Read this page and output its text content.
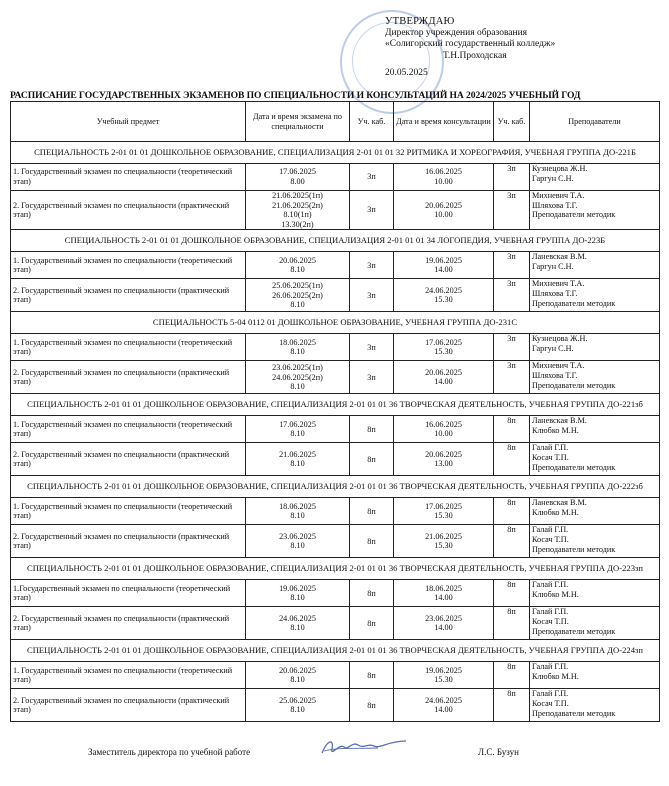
УТВЕРЖДАЮ
Директор учреждения образования
«Солигорский государственный колледж»
Т.Н.Проходская
20.05.2025
РАСПИСАНИЕ ГОСУДАРСТВЕННЫХ ЭКЗАМЕНОВ ПО СПЕЦИАЛЬНОСТИ И КОНСУЛЬТАЦИЙ НА 2024/2025 УЧЕБНЫЙ ГОД
Учебный предмет	Дата и время экзамена по специальности	Уч. каб.	Дата и время консультации	Уч. каб.	Преподаватели
СПЕЦИАЛЬНОСТЬ 2-01 01 01 ДОШКОЛЬНОЕ ОБРАЗОВАНИЕ, СПЕЦИАЛИЗАЦИЯ 2-01 01 01 32 РИТМИКА И ХОРЕОГРАФИЯ, УЧЕБНАЯ ГРУППА ДО-221Б					
1. Государственный экзамен по специальности (теоретический этап)	17.06.2025
8.00	3п	16.06.2025
10.00	3п	Кузнецова Ж.Н.
Гаргун С.Н.
2. Государственный экзамен по специальности (практический этап)	21.06.2025(1п)
21.06.2025(2п)
8.10(1п)
13.30(2п)	3п	20.06.2025
10.00	3п	Михневич Т.А.
Шляхова Т.Г.
Преподаватели методик
СПЕЦИАЛЬНОСТЬ 2-01 01 01 ДОШКОЛЬНОЕ ОБРАЗОВАНИЕ, СПЕЦИАЛИЗАЦИЯ 2-01 01 01 34 ЛОГОПЕДИЯ, УЧЕБНАЯ ГРУППА ДО-223Б					
1. Государственный экзамен по специальности (теоретический этап)	20.06.2025
8.10	3п	19.06.2025
14.00	3п	Ланевская В.М.
Гаргун С.Н.
2. Государственный экзамен по специальности (практический этап)	25.06.2025(1п)
26.06.2025(2п)
8.10	3п	24.06.2025
15.30	3п	Михневич Т.А.
Шляхова Т.Г.
Преподаватели методик
СПЕЦИАЛЬНОСТЬ 5-04 0112 01 ДОШКОЛЬНОЕ ОБРАЗОВАНИЕ, УЧЕБНАЯ ГРУППА ДО-231С					
1. Государственный экзамен по специальности (теоретический этап)	18.06.2025
8.10	3п	17.06.2025
15.30	3п	Кузнецова Ж.Н.
Гаргун С.Н.
2. Государственный экзамен по специальности (практический этап)	23.06.2025(1п)
24.06.2025(2п)
8.10	3п	20.06.2025
14.00	3п	Михневич Т.А.
Шляхова Т.Г.
Преподаватели методик
СПЕЦИАЛЬНОСТЬ 2-01 01 01 ДОШКОЛЬНОЕ ОБРАЗОВАНИЕ, СПЕЦИАЛИЗАЦИЯ 2-01 01 01 36 ТВОРЧЕСКАЯ ДЕЯТЕЛЬНОСТЬ, УЧЕБНАЯ ГРУППА ДО-221зб					
1. Государственный экзамен по специальности (теоретический этап)	17.06.2025
8.10	8п	16.06.2025
10.00	8п	Ланевская В.М.
Клюбко М.Н.
2. Государственный экзамен по специальности (практический этап)	21.06.2025
8.10	8п	20.06.2025
13.00	8п	Галай Г.П.
Косач Т.П.
Преподаватели методик
СПЕЦИАЛЬНОСТЬ 2-01 01 01 ДОШКОЛЬНОЕ ОБРАЗОВАНИЕ, СПЕЦИАЛИЗАЦИЯ 2-01 01 01 36 ТВОРЧЕСКАЯ ДЕЯТЕЛЬНОСТЬ, УЧЕБНАЯ ГРУППА ДО-222зб					
1. Государственный экзамен по специальности (теоретический этап)	18.06.2025
8.10	8п	17.06.2025
15.30	8п	Ланевская В.М.
Клюбко М.Н.
2. Государственный экзамен по специальности (практический этап)	23.06.2025
8.10	8п	21.06.2025
15.30	8п	Галай Г.П.
Косач Т.П.
Преподаватели методик
СПЕЦИАЛЬНОСТЬ 2-01 01 01 ДОШКОЛЬНОЕ ОБРАЗОВАНИЕ, СПЕЦИАЛИЗАЦИЯ 2-01 01 01 36 ТВОРЧЕСКАЯ ДЕЯТЕЛЬНОСТЬ, УЧЕБНАЯ ГРУППА ДО-223зп					
1.Государственный экзамен по специальности (теоретический этап)	19.06.2025
8.10	8п	18.06.2025
14.00	8п	Галай Г.П.
Клюбко М.Н.
2. Государственный экзамен по специальности (практический этап)	24.06.2025
8.10	8п	23.06.2025
14.00	8п	Галай Г.П.
Косач Т.П.
Преподаватели методик
СПЕЦИАЛЬНОСТЬ 2-01 01 01 ДОШКОЛЬНОЕ ОБРАЗОВАНИЕ, СПЕЦИАЛИЗАЦИЯ 2-01 01 01 36 ТВОРЧЕСКАЯ ДЕЯТЕЛЬНОСТЬ, УЧЕБНАЯ ГРУППА ДО-224зп					
1. Государственный экзамен по специальности (теоретический этап)	20.06.2025
8.10	8п	19.06.2025
15.30	8п	Галай Г.П.
Клюбко М.Н.
2. Государственный экзамен по специальности (практический этап)	25.06.2025
8.10	8п	24.06.2025
14.00	8п	Галай Г.П.
Косач Т.П.
Преподаватели методик
Заместитель директора по учебной работе	Л.С. Бузун
